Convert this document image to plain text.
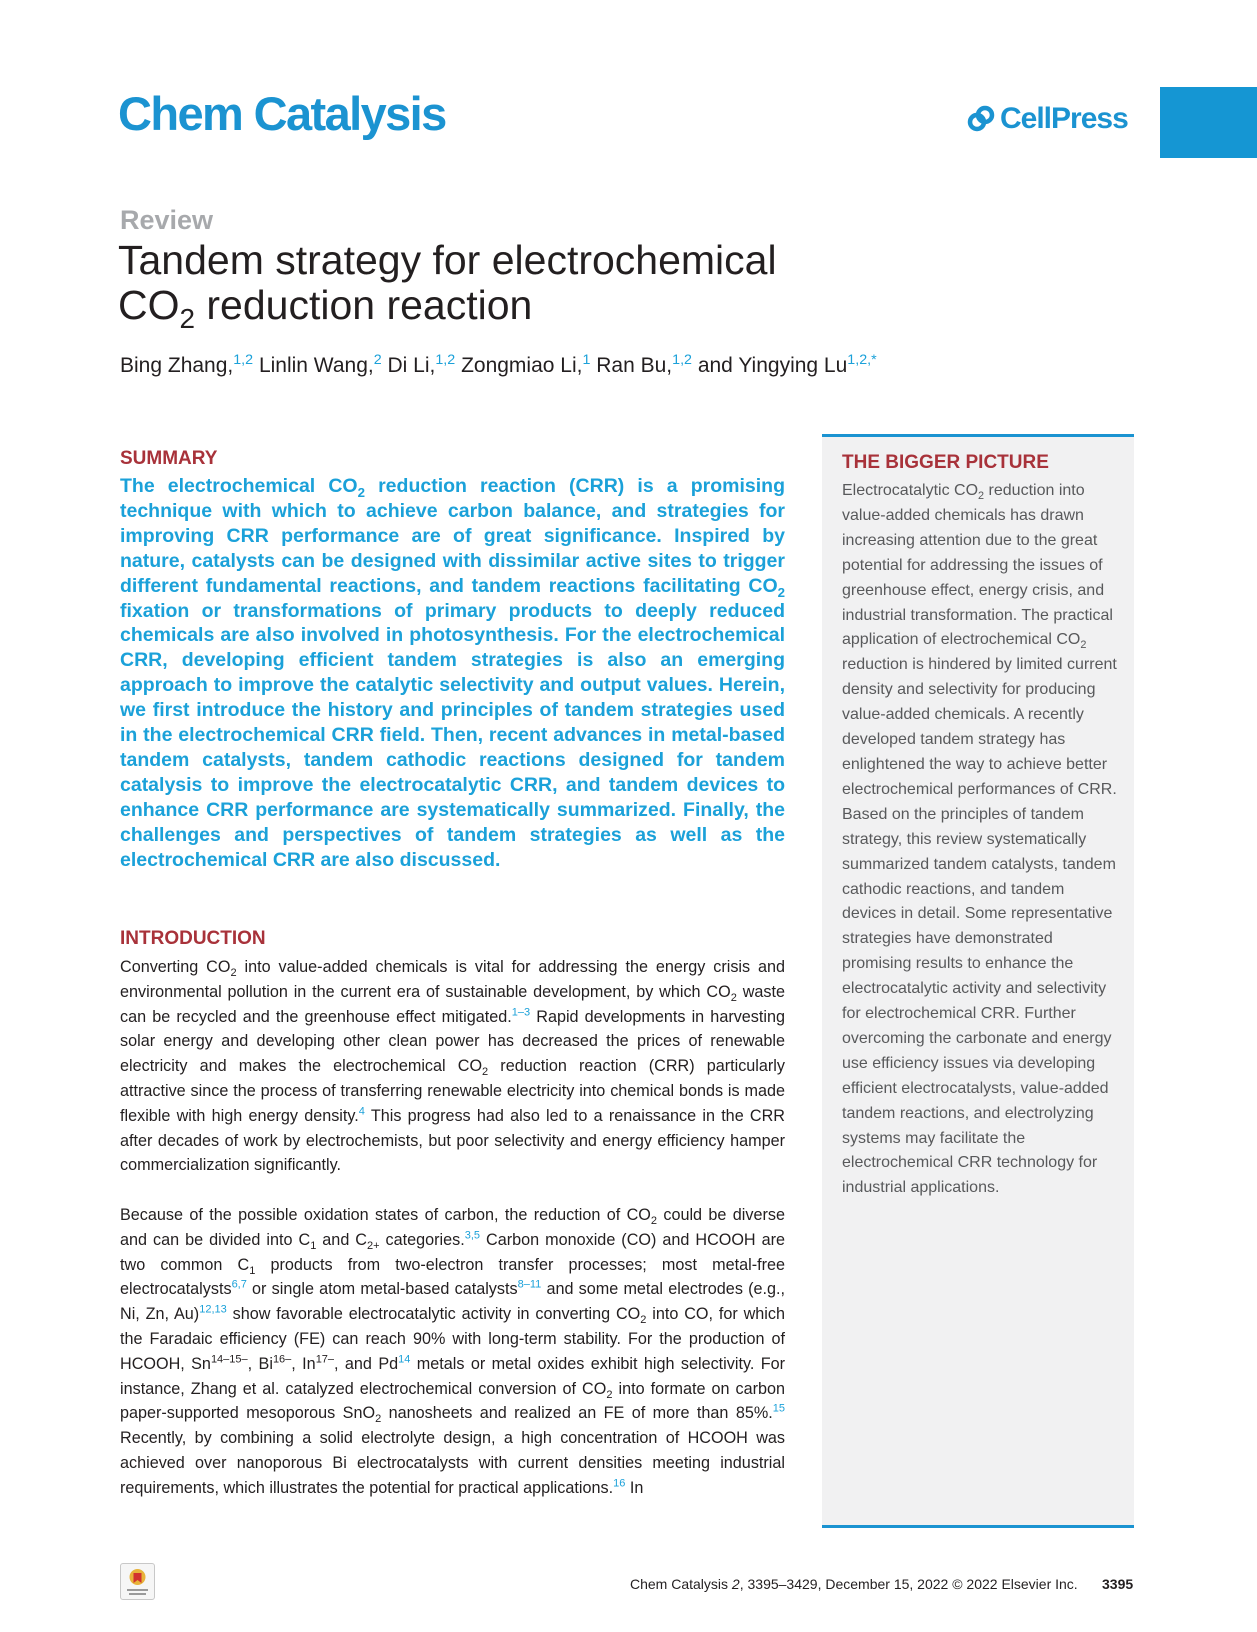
Chem Catalysis	CellPress
Review
Tandem strategy for electrochemical
$CO_2$ reduction reaction
Bing Zhang,$^{1,2}$ Linlin Wang,$^2$ Di Li,$^{1,2}$ Zongmiao Li,$^1$ Ran Bu,$^{1,2}$ and Yingying Lu$^{1,2,*}$
SUMMARY

The electrochemical $CO_2$ reduction reaction (CRR) is a promising technique with which to achieve carbon balance, and strategies for improving CRR performance are of great significance. Inspired by nature, catalysts can be designed with dissimilar active sites to trigger different fundamental reactions, and tandem reactions facilitating $CO_2$ fixation or transformations of primary products to deeply reduced chemicals are also involved in photosynthesis. For the electrochemical CRR, developing efficient tandem strategies is also an emerging approach to improve the catalytic selectivity and output values. Herein, we first introduce the history and principles of tandem strategies used in the electrochemical CRR field. Then, recent advances in metal-based tandem catalysts, tandem cathodic reactions designed for tandem catalysis to improve the electrocatalytic CRR, and tandem devices to enhance CRR performance are systematically summarized. Finally, the challenges and perspectives of tandem strategies as well as the electrochemical CRR are also discussed.

INTRODUCTION

Converting $CO_2$ into value-added chemicals is vital for addressing the energy crisis and environmental pollution in the current era of sustainable development, by which $CO_2$ waste can be recycled and the greenhouse effect mitigated.$^{1-3}$ Rapid developments in harvesting solar energy and developing other clean power has decreased the prices of renewable electricity and makes the electrochemical $CO_2$ reduction reaction (CRR) particularly attractive since the process of transferring renewable electricity into chemical bonds is made flexible with high energy density.$^4$ This progress had also led to a renaissance in the CRR after decades of work by electrochemists, but poor selectivity and energy efficiency hamper commercialization significantly.

Because of the possible oxidation states of carbon, the reduction of $CO_2$ could be diverse and can be divided into $C_1$ and $C_{2+}$ categories.$^{3,5}$ Carbon monoxide (CO) and HCOOH are two common $C_1$ products from two-electron transfer processes; most metal-free electrocatalysts$^{6,7}$ or single atom metal-based catalysts$^{8-11}$ and some metal electrodes (e.g., Ni, Zn, Au)$^{12,13}$ show favorable electrocatalytic activity in converting $CO_2$ into CO, for which the Faradaic efficiency (FE) can reach 90% with long-term stability. For the production of HCOOH, $Sn^{14-15-}$, $Bi^{16-}$, $In^{17-}$, and Pd$^{14}$ metals or metal oxides exhibit high selectivity. For instance, Zhang et al. catalyzed electrochemical conversion of $CO_2$ into formate on carbon paper-supported mesoporous SnO$_2$ nanosheets and realized an FE of more than 85%.$^{15}$ Recently, by combining a solid electrolyte design, a high concentration of HCOOH was achieved over nanoporous Bi electrocatalysts with current densities meeting industrial requirements, which illustrates the potential for practical applications.$^{16}$ In

THE BIGGER PICTURE

Electrocatalytic $CO_2$ reduction into value-added chemicals has drawn increasing attention due to the great potential for addressing the issues of greenhouse effect, energy crisis, and industrial transformation. The practical application of electrochemical $CO_2$ reduction is hindered by limited current density and selectivity for producing value-added chemicals. A recently developed tandem strategy has enlightened the way to achieve better electrochemical performances of CRR. Based on the principles of tandem strategy, this review systematically summarized tandem catalysts, tandem cathodic reactions, and tandem devices in detail. Some representative strategies have demonstrated promising results to enhance the electrocatalytic activity and selectivity for electrochemical CRR. Further overcoming the carbonate and energy use efficiency issues via developing efficient electrocatalysts, value-added tandem reactions, and electrolyzing systems may facilitate the electrochemical CRR technology for industrial applications.

Chem Catalysis 2, 3395–3429, December 15, 2022 © 2022 Elsevier Inc. 3395
